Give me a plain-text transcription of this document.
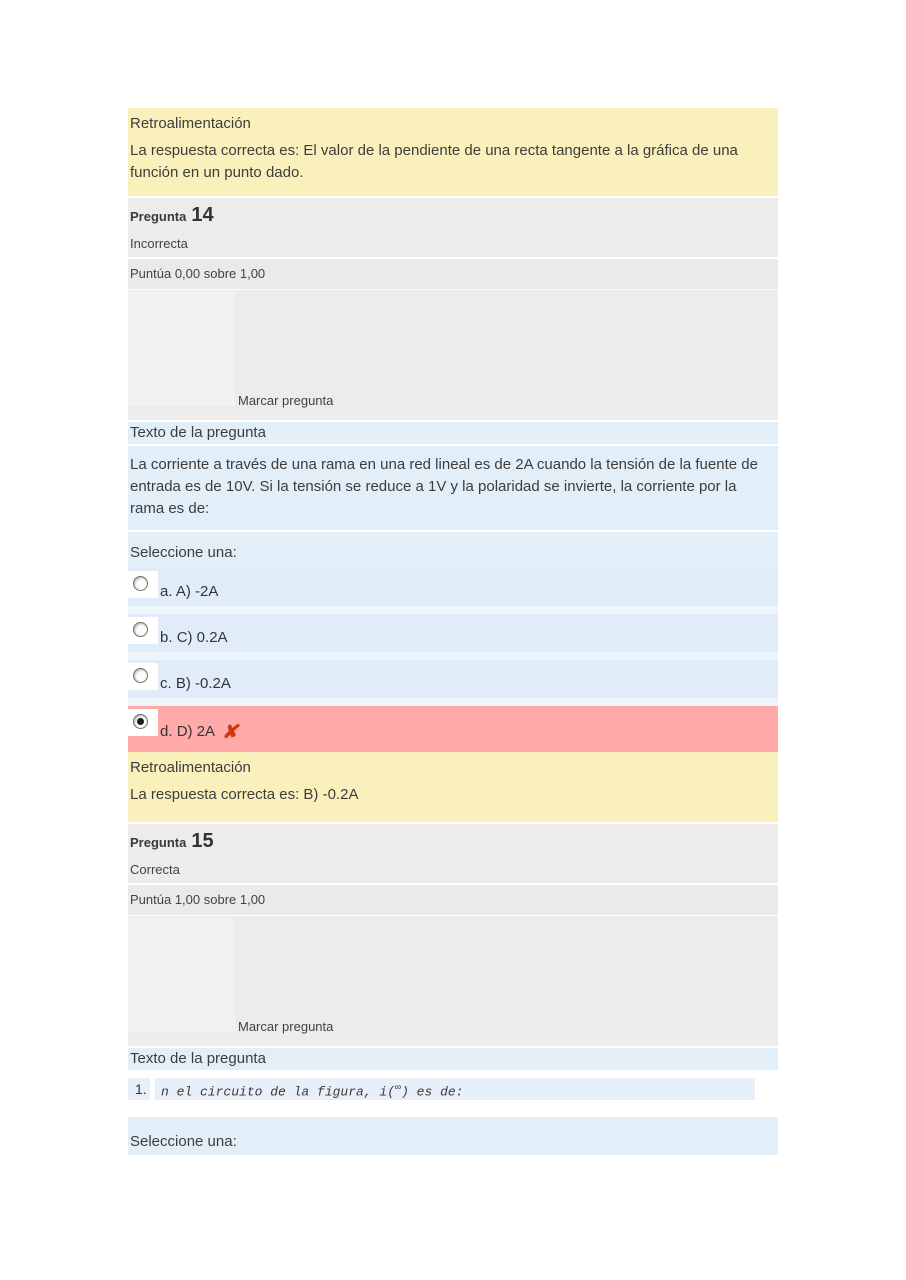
Retroalimentación
La respuesta correcta es: El valor de la pendiente de una recta tangente a la gráfica de una función en un punto dado.
Pregunta 14
Incorrecta
Puntúa 0,00 sobre 1,00
Marcar pregunta
Texto de la pregunta
La corriente a través de una rama en una red lineal es de 2A cuando la tensión de la fuente de entrada es de 10V. Si la tensión se reduce a 1V y la polaridad se invierte, la corriente por la rama es de:
Seleccione una:
a. A) -2A
b. C) 0.2A
c. B) -0.2A
d. D) 2A ✘
Retroalimentación
La respuesta correcta es: B) -0.2A
Pregunta 15
Correcta
Puntúa 1,00 sobre 1,00
Marcar pregunta
Texto de la pregunta
1.	n el circuito de la figura, i(∞) es de:
Seleccione una:
